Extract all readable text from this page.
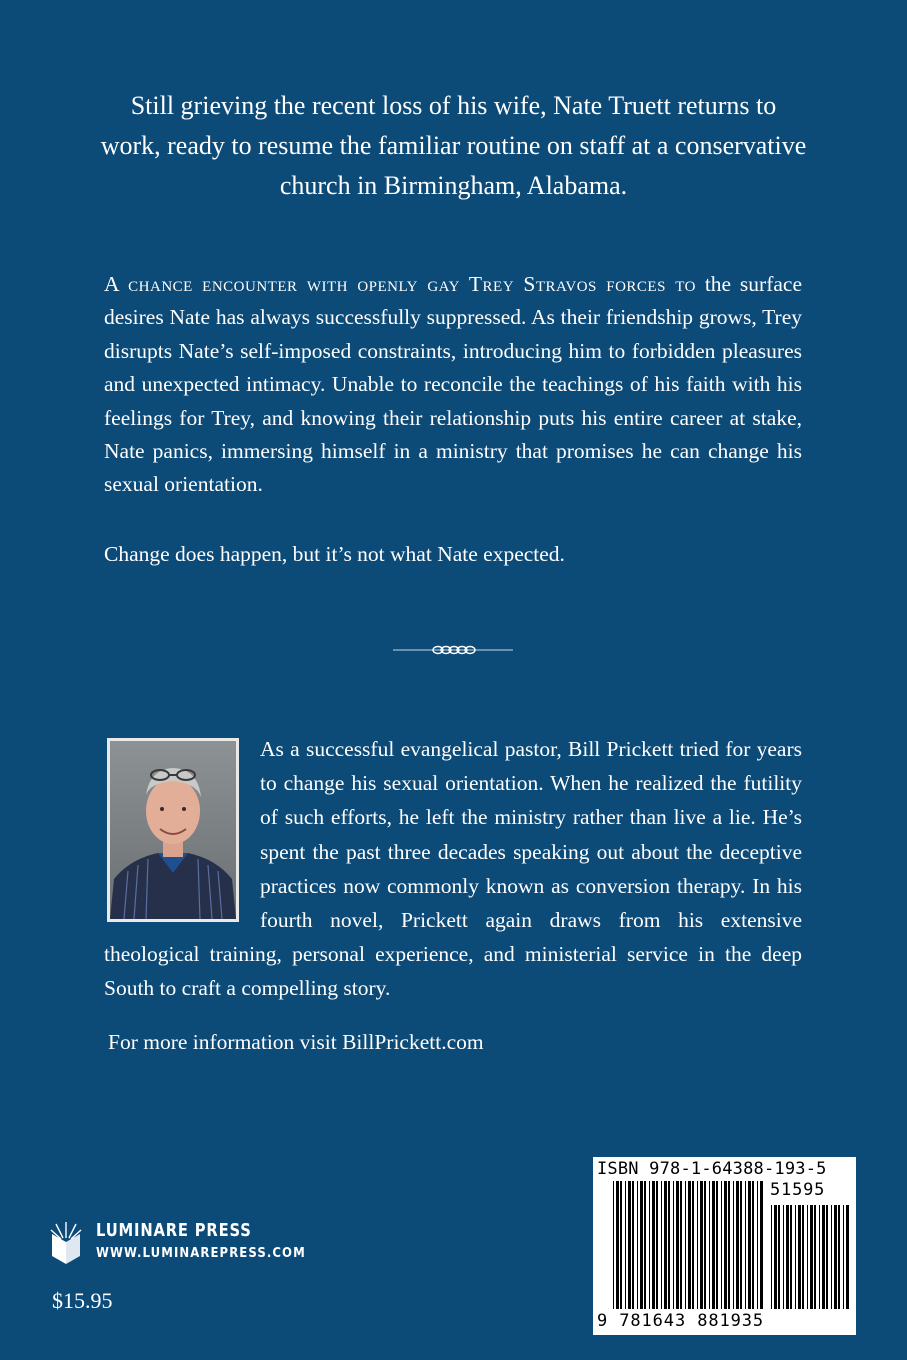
Still grieving the recent loss of his wife, Nate Truett returns to work, ready to resume the familiar routine on staff at a conservative church in Birmingham, Alabama.

A chance encounter with openly gay Trey Stravos forces to the surface desires Nate has always successfully suppressed. As their friendship grows, Trey disrupts Nate’s self-imposed constraints, introducing him to forbidden pleasures and unexpected intimacy. Unable to reconcile the teachings of his faith with his feelings for Trey, and knowing their relationship puts his entire career at stake, Nate panics, immersing himself in a ministry that promises he can change his sexual orientation.

Change does happen, but it’s not what Nate expected.
As a successful evangelical pastor, Bill Prickett tried for years to change his sexual orientation. When he realized the futility of such efforts, he left the ministry rather than live a lie. He’s spent the past three decades speaking out about the deceptive practices now commonly known as conversion therapy. In his fourth novel, Prickett again draws from his extensive theological training, personal experience, and ministerial service in the deep South to craft a compelling story.
For more information visit BillPrickett.com
LUMINARE PRESS
WWW.LUMINAREPRESS.COM
$15.95
ISBN 978-1-64388-193-5
51595
9 781643 881935
